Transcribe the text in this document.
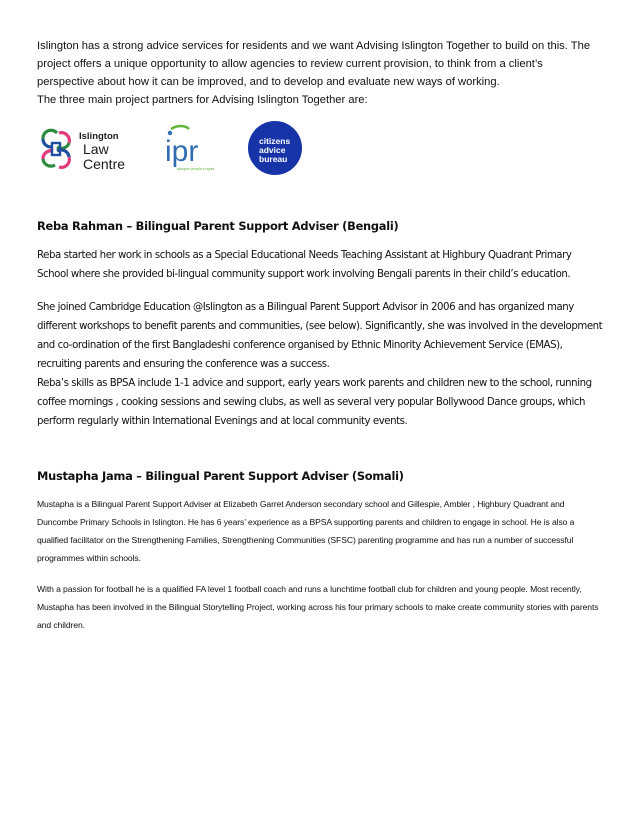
Islington has a strong advice services for residents and we want Advising Islington Together to build on this. The project offers a unique opportunity to allow agencies to review current provision, to think from a client’s perspective about how it can be improved, and to develop and evaluate new ways of working.

The three main project partners for Advising Islington Together are:

Islington
Law
Centre ipr
islington people's rights
citizens
advice
bureau
Reba Rahman – Bilingual Parent Support Adviser (Bengali)

Reba started her work in schools as a Special Educational Needs Teaching Assistant at Highbury Quadrant Primary School where she provided bi-lingual community support work involving Bengali parents in their child’s education.

She joined Cambridge Education @Islington as a Bilingual Parent Support Advisor in 2006 and has organized many different workshops to benefit parents and communities, (see below). Significantly, she was involved in the development and co-ordination of the first Bangladeshi conference organised by Ethnic Minority Achievement Service (EMAS), recruiting parents and ensuring the conference was a success.

Reba’s skills as BPSA include 1-1 advice and support, early years work parents and children new to the school, running coffee mornings , cooking sessions and sewing clubs, as well as several very popular Bollywood Dance groups, which perform regularly within International Evenings and at local community events.

Mustapha Jama – Bilingual Parent Support Adviser (Somali)

Mustapha is a Bilingual Parent Support Adviser at Elizabeth Garret Anderson secondary school and Gillespie, Ambler , Highbury Quadrant and Duncombe Primary Schools in Islington. He has 6 years’ experience as a BPSA supporting parents and children to engage in school. He is also a qualified facilitator on the Strengthening Families, Strengthening Communities (SFSC) parenting programme and has run a number of successful programmes within schools.

With a passion for football he is a qualified FA level 1 football coach and runs a lunchtime football club for children and young people. Most recently, Mustapha has been involved in the Bilingual Storytelling Project, working across his four primary schools to make create community stories with parents and children.
